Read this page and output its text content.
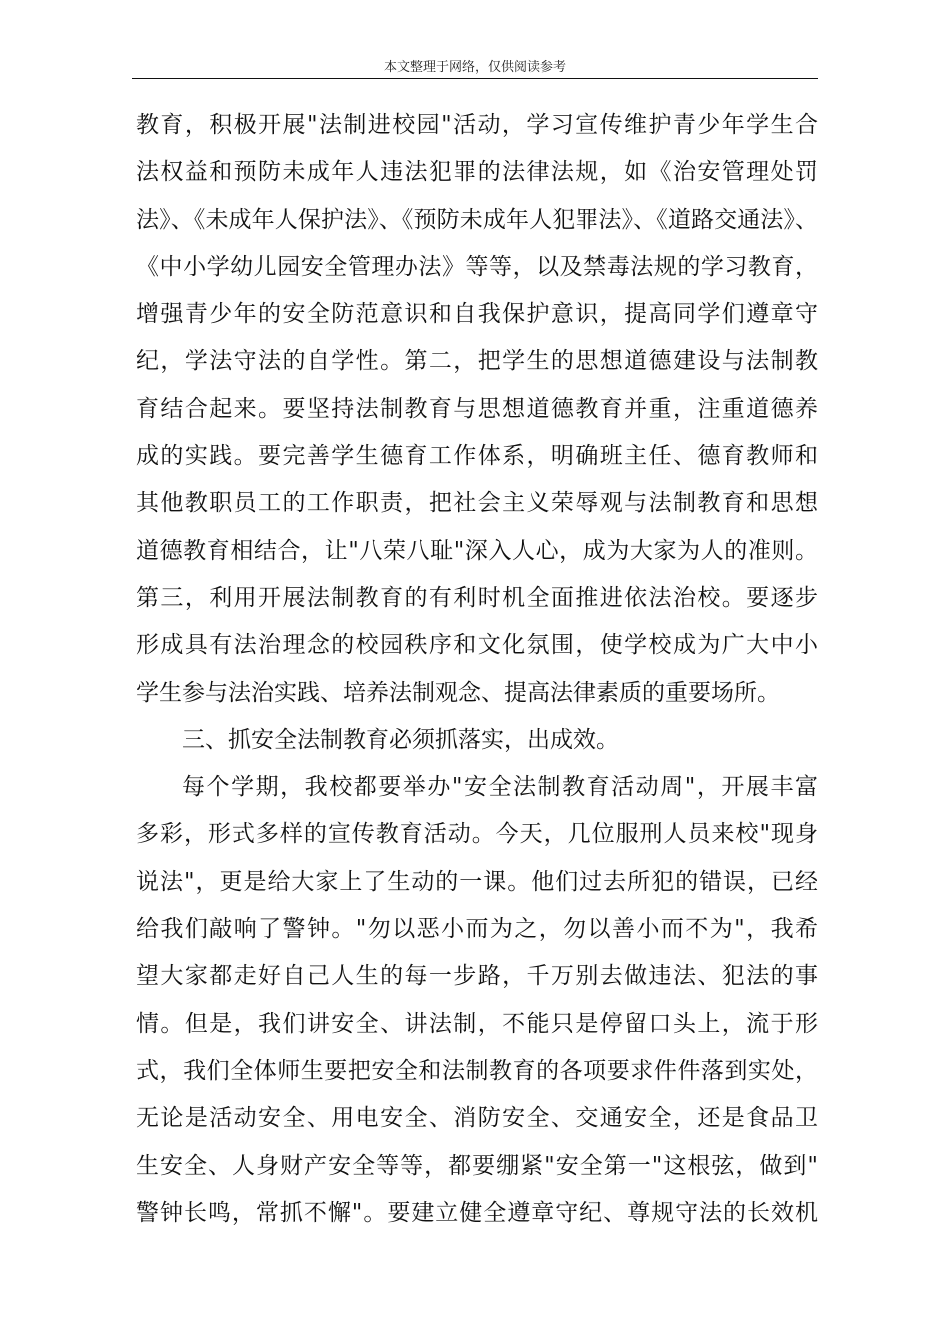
本文整理于网络，仅供阅读参考
教育，积极开展"法制进校园"活动，学习宣传维护青少年学生合
法权益和预防未成年人违法犯罪的法律法规，如《治安管理处罚
法》、《未成年人保护法》、《预防未成年人犯罪法》、《道路交通法》、
《中小学幼儿园安全管理办法》等等，以及禁毒法规的学习教育，
增强青少年的安全防范意识和自我保护意识，提高同学们遵章守
纪，学法守法的自学性。第二，把学生的思想道德建设与法制教
育结合起来。要坚持法制教育与思想道德教育并重，注重道德养
成的实践。要完善学生德育工作体系，明确班主任、德育教师和
其他教职员工的工作职责，把社会主义荣辱观与法制教育和思想
道德教育相结合，让"八荣八耻"深入人心，成为大家为人的准则。
第三，利用开展法制教育的有利时机全面推进依法治校。要逐步
形成具有法治理念的校园秩序和文化氛围，使学校成为广大中小
学生参与法治实践、培养法制观念、提高法律素质的重要场所。
三、抓安全法制教育必须抓落实，出成效。
每个学期，我校都要举办"安全法制教育活动周"，开展丰富
多彩，形式多样的宣传教育活动。今天，几位服刑人员来校"现身
说法"，更是给大家上了生动的一课。他们过去所犯的错误，已经
给我们敲响了警钟。"勿以恶小而为之，勿以善小而不为"，我希
望大家都走好自己人生的每一步路，千万别去做违法、犯法的事
情。但是，我们讲安全、讲法制，不能只是停留口头上，流于形
式，我们全体师生要把安全和法制教育的各项要求件件落到实处，
无论是活动安全、用电安全、消防安全、交通安全，还是食品卫
生安全、人身财产安全等等，都要绷紧"安全第一"这根弦，做到"
警钟长鸣，常抓不懈"。要建立健全遵章守纪、尊规守法的长效机
